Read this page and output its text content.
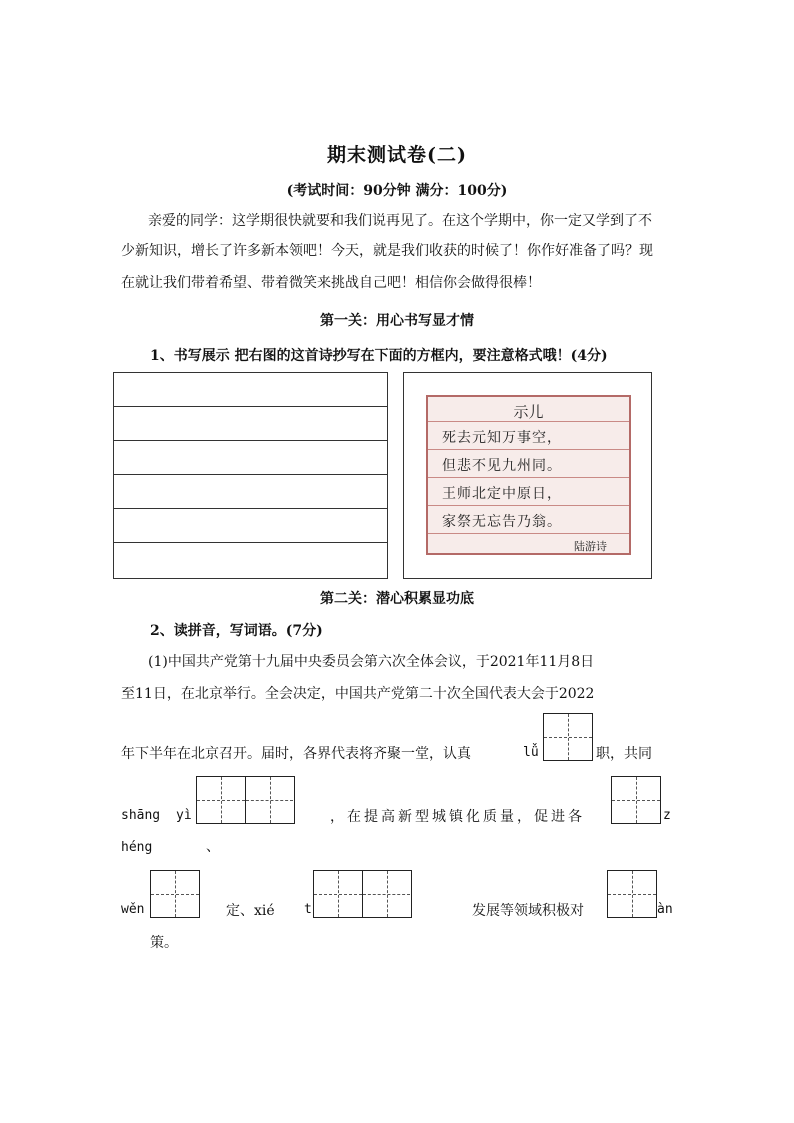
期末测试卷(二)
(考试时间：90分钟 满分：100分)
亲爱的同学：这学期很快就要和我们说再见了。在这个学期中，你一定又学到了不
少新知识，增长了许多新本领吧！今天，就是我们收获的时候了！你作好准备了吗？现
在就让我们带着希望、带着微笑来挑战自己吧！相信你会做得很棒！
第一关：用心书写显才情
1、书写展示 把右图的这首诗抄写在下面的方框内，要注意格式哦！(4分)
示儿
死去元知万事空，
但悲不见九州同。
王师北定中原日，
家祭无忘告乃翁。
陆游诗
第二关：潜心积累显功底
2、读拼音，写词语。(7分)
(1)中国共产党第十九届中央委员会第六次全体会议，于2021年11月8日
至11日，在北京举行。全会决定，中国共产党第二十次全国代表大会于2022
年下半年在北京召开。届时，各界代表将齐聚一堂，认真	lǚ	职，共同
shāng yì	，在提高新型城镇化质量，促进各	z
héng	、
wěn	定、xié t	发展等领域积极对	àn
策。
